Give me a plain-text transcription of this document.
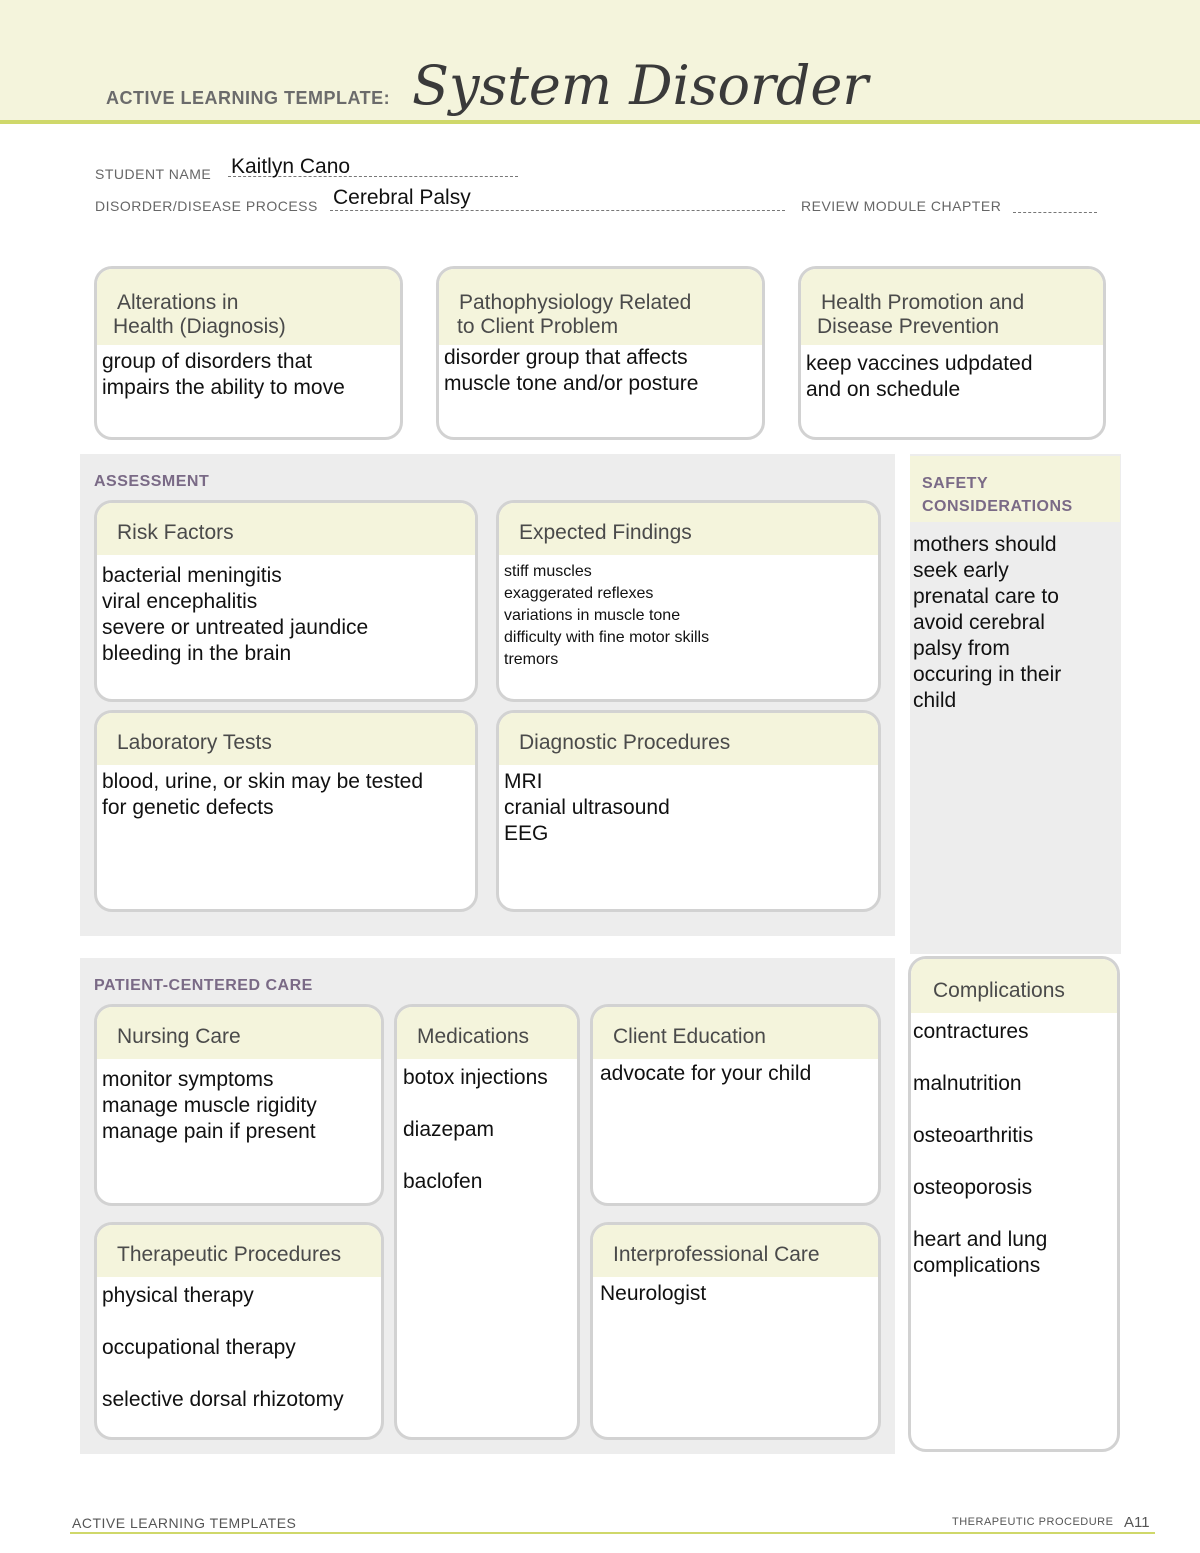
ACTIVE LEARNING TEMPLATE: System Disorder
STUDENT NAME Kaitlyn Cano
DISORDER/DISEASE PROCESS Cerebral Palsy	REVIEW MODULE CHAPTER
Alterations in
Health (Diagnosis)
group of disorders that
impairs the ability to move
Pathophysiology Related
to Client Problem
disorder group that affects
muscle tone and/or posture
Health Promotion and
Disease Prevention
keep vaccines udpdated
and on schedule
ASSESSMENT
Risk Factors
bacterial meningitis
viral encephalitis
severe or untreated jaundice
bleeding in the brain
Expected Findings
stiff muscles
exaggerated reflexes
variations in muscle tone
difficulty with fine motor skills
tremors
Laboratory Tests
blood, urine, or skin may be tested
for genetic defects
Diagnostic Procedures
MRI
cranial ultrasound
EEG
SAFETY
CONSIDERATIONS
mothers should
seek early
prenatal care to
avoid cerebral
palsy from
occuring in their
child
PATIENT-CENTERED CARE
Nursing Care
monitor symptoms
manage muscle rigidity
manage pain if present
Medications
botox injections
diazepam
baclofen
Client Education
advocate for your child
Therapeutic Procedures
physical therapy
occupational therapy
selective dorsal rhizotomy
Interprofessional Care
Neurologist
Complications
contractures
malnutrition
osteoarthritis
osteoporosis
heart and lung
complications
ACTIVE LEARNING TEMPLATES	THERAPEUTIC PROCEDURE A11
